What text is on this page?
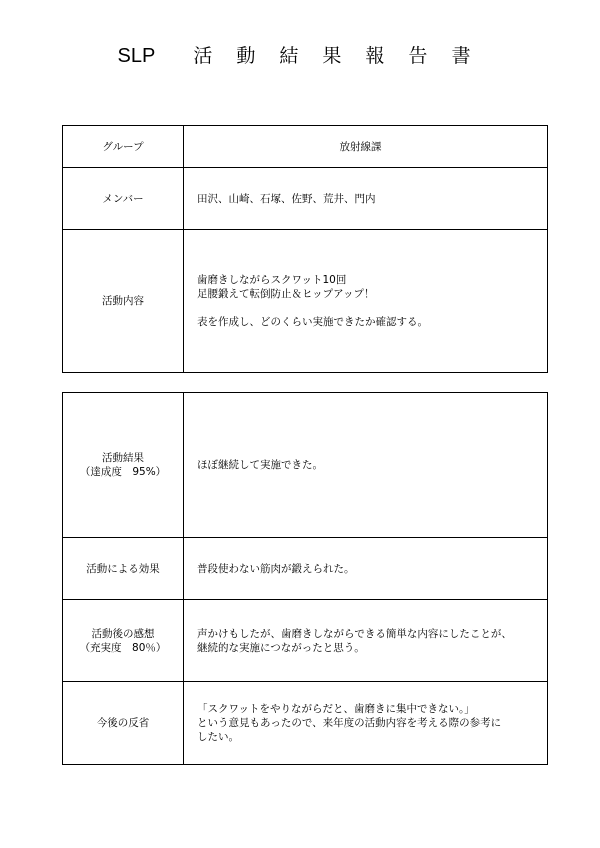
SLP 活 動 結 果 報 告 書
グループ	放射線課
メンバー	田沢、山崎、石塚、佐野、荒井、門内
活動内容	歯磨きしながらスクワット10回
足腰鍛えて転倒防止＆ヒップアップ！
表を作成し、どのくらい実施できたか確認する。
活動結果
（達成度　95%）	ほぼ継続して実施できた。
活動による効果	普段使わない筋肉が鍛えられた。

活動後の感想
（充実度　80％）	声かけもしたが、歯磨きしながらできる簡単な内容にしたことが、
継続的な実施につながったと思う。

今後の反省	「スクワットをやりながらだと、歯磨きに集中できない。」
という意見もあったので、来年度の活動内容を考える際の参考に
したい。
